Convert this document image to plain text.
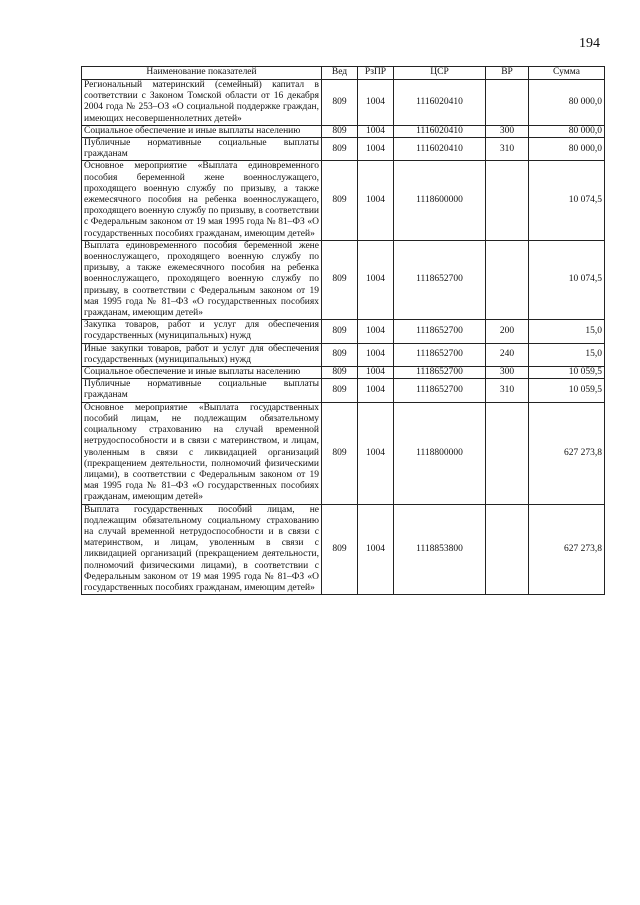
194
Наименование показателей	Вед	РзПР	ЦСР	ВР	Сумма
Региональный материнский (семейный) капитал в соответствии с Законом Томской области от 16 декабря 2004 года № 253–ОЗ «О социальной поддержке граждан, имеющих несовершеннолетних детей»	809	1004	1116020410		80 000,0
Социальное обеспечение и иные выплаты населению	809	1004	1116020410	300	80 000,0
Публичные нормативные социальные выплаты гражданам	809	1004	1116020410	310	80 000,0
Основное мероприятие «Выплата единовременного пособия беременной жене военнослужащего, проходящего военную службу по призыву, а также ежемесячного пособия на ребенка военнослужащего, проходящего военную службу по призыву, в соответствии с Федеральным законом от 19 мая 1995 года № 81–ФЗ «О государственных пособиях гражданам, имеющим детей»	809	1004	1118600000		10 074,5
Выплата единовременного пособия беременной жене военнослужащего, проходящего военную службу по призыву, а также ежемесячного пособия на ребенка военнослужащего, проходящего военную службу по призыву, в соответствии с Федеральным законом от 19 мая 1995 года № 81–ФЗ «О государственных пособиях гражданам, имеющим детей»	809	1004	1118652700		10 074,5
Закупка товаров, работ и услуг для обеспечения государственных (муниципальных) нужд	809	1004	1118652700	200	15,0
Иные закупки товаров, работ и услуг для обеспечения государственных (муниципальных) нужд	809	1004	1118652700	240	15,0
Социальное обеспечение и иные выплаты населению	809	1004	1118652700	300	10 059,5
Публичные нормативные социальные выплаты гражданам	809	1004	1118652700	310	10 059,5
Основное мероприятие «Выплата государственных пособий лицам, не подлежащим обязательному социальному страхованию на случай временной нетрудоспособности и в связи с материнством, и лицам, уволенным в связи с ликвидацией организаций (прекращением деятельности, полномочий физическими лицами), в соответствии с Федеральным законом от 19 мая 1995 года № 81–ФЗ «О государственных пособиях гражданам, имеющим детей»	809	1004	1118800000		627 273,8
Выплата государственных пособий лицам, не подлежащим обязательному социальному страхованию на случай временной нетрудоспособности и в связи с материнством, и лицам, уволенным в связи с ликвидацией организаций (прекращением деятельности, полномочий физическими лицами), в соответствии с Федеральным законом от 19 мая 1995 года № 81–ФЗ «О государственных пособиях гражданам, имеющим детей»	809	1004	1118853800		627 273,8
